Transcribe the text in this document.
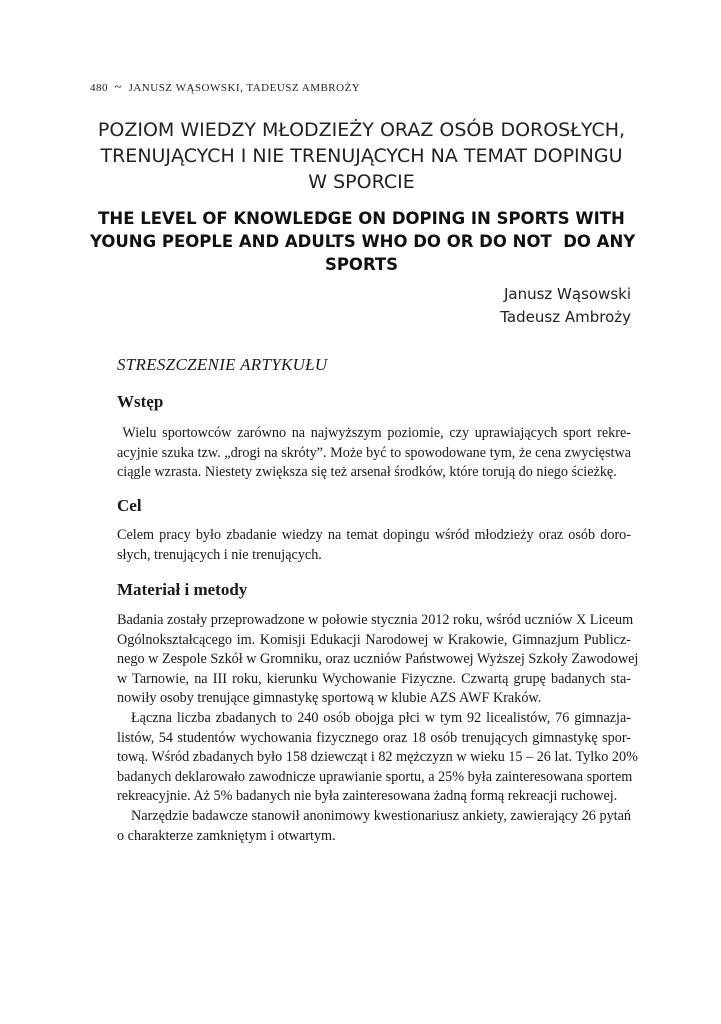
480 ~ JANUSZ WĄSOWSKI, TADEUSZ AMBROŻY
POZIOM WIEDZY MŁODZIEŻY ORAZ OSÓB DOROSŁYCH,
TRENUJĄCYCH I NIE TRENUJĄCYCH NA TEMAT DOPINGU
W SPORCIE
THE LEVEL OF KNOWLEDGE ON DOPING IN SPORTS WITH
YOUNG PEOPLE AND ADULTS WHO DO OR DO NOT  DO ANY
SPORTS
Janusz Wąsowski
Tadeusz Ambroży
STRESZCZENIE ARTYKUŁU
Wstęp
Wielu sportowców zarówno na najwyższym poziomie, czy uprawiających sport rekre-
acyjnie szuka tzw. „drogi na skróty”. Może być to spowodowane tym, że cena zwycięstwa
ciągle wzrasta. Niestety zwiększa się też arsenał środków, które torują do niego ścieżkę.
Cel
Celem pracy było zbadanie wiedzy na temat dopingu wśród młodzieży oraz osób doro-
słych, trenujących i nie trenujących.
Materiał i metody
Badania zostały przeprowadzone w połowie stycznia 2012 roku, wśród uczniów X Liceum
Ogólnokształcącego im. Komisji Edukacji Narodowej w Krakowie, Gimnazjum Publicz-
nego w Zespole Szkół w Gromniku, oraz uczniów Państwowej Wyższej Szkoły Zawodowej
w Tarnowie, na III roku, kierunku Wychowanie Fizyczne. Czwartą grupę badanych sta-
nowiły osoby trenujące gimnastykę sportową w klubie AZS AWF Kraków.
Łączna liczba zbadanych to 240 osób obojga płci w tym 92 licealistów, 76 gimnazja-
listów, 54 studentów wychowania fizycznego oraz 18 osób trenujących gimnastykę spor-
tową. Wśród zbadanych było 158 dziewcząt i 82 mężczyzn w wieku 15 – 26 lat. Tylko 20%
badanych deklarowało zawodnicze uprawianie sportu, a 25% była zainteresowana sportem
rekreacyjnie. Aż 5% badanych nie była zainteresowana żadną formą rekreacji ruchowej.
Narzędzie badawcze stanowił anonimowy kwestionariusz ankiety, zawierający 26 pytań
o charakterze zamkniętym i otwartym.
